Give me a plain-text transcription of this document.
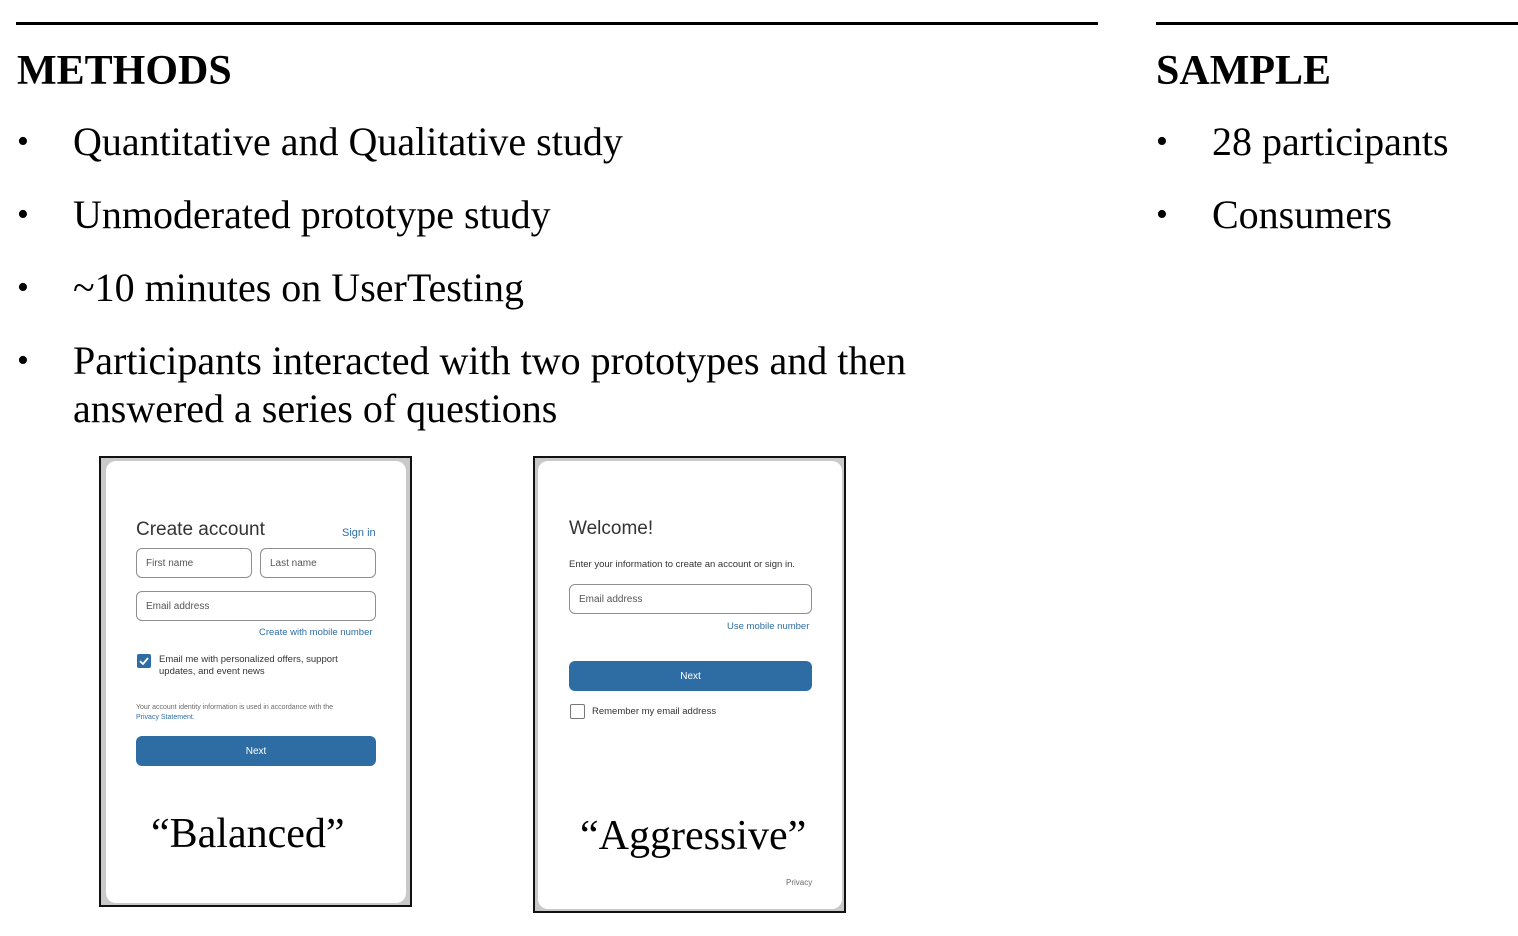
METHODS
• Quantitative and Qualitative study
• Unmoderated prototype study
• ~10 minutes on UserTesting
• Participants interacted with two prototypes and then answered a series of questions
SAMPLE
• 28 participants
• Consumers
Create account	Sign in
First name	Last name
Email address
Create with mobile number
Email me with personalized offers, support updates, and event news
Your account identity information is used in accordance with the
Privacy Statement.
Next
“Balanced”
Welcome!
Enter your information to create an account or sign in.
Email address
Use mobile number
Next
Remember my email address
“Aggressive”
Privacy
